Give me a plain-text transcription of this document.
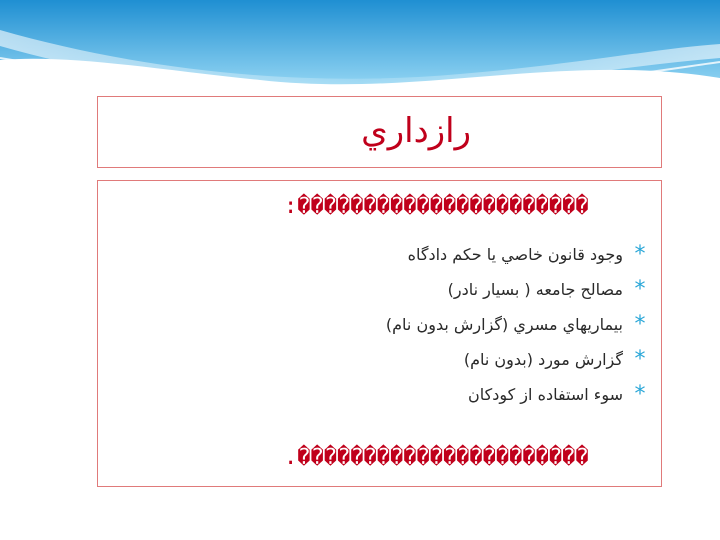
رازداري
:����������������������
*
وجود قانون خاصي يا حكم دادگاه
*
مصالح جامعه ( بسيار نادر)
*
بيماريهاي مسري (گزارش بدون نام)
*
گزارش مورد (بدون نام)
*
سوء استفاده از كودكان
.����������������������
